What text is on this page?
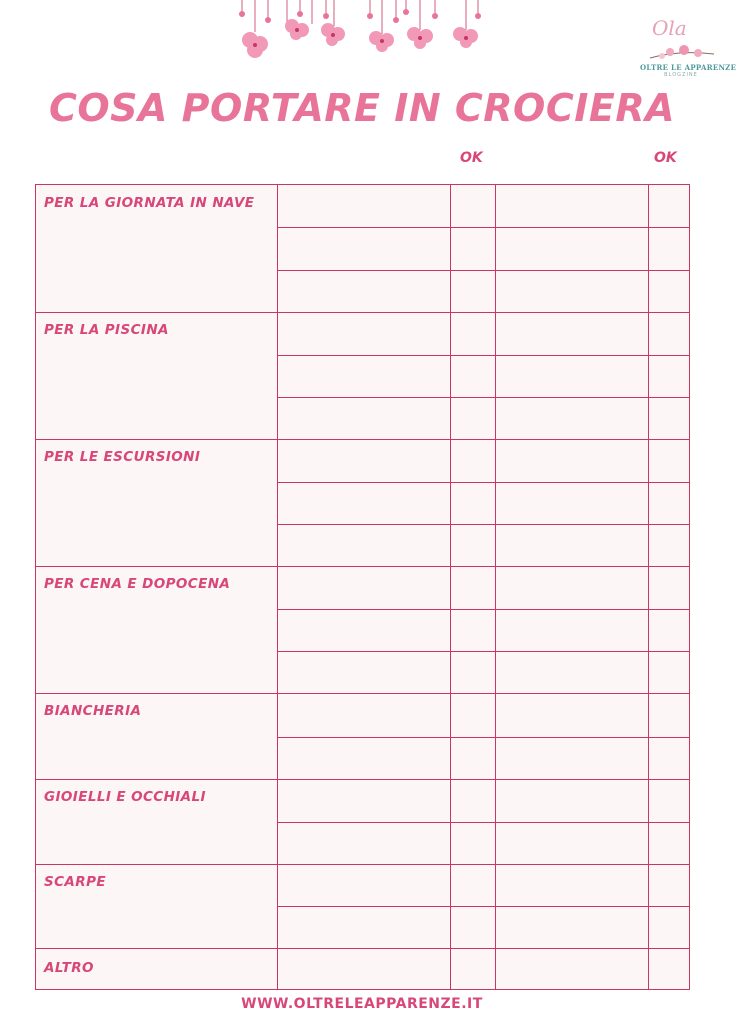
Ola
OLTRE LE APPARENZE
BLOGZINE
COSA PORTARE IN CROCIERA
OK	OK
PER LA GIORNATA IN NAVE
PER LA PISCINA
PER LE ESCURSIONI
PER CENA E DOPOCENA
BIANCHERIA
GIOIELLI E OCCHIALI
SCARPE
ALTRO
WWW.OLTRELEAPPARENZE.IT
